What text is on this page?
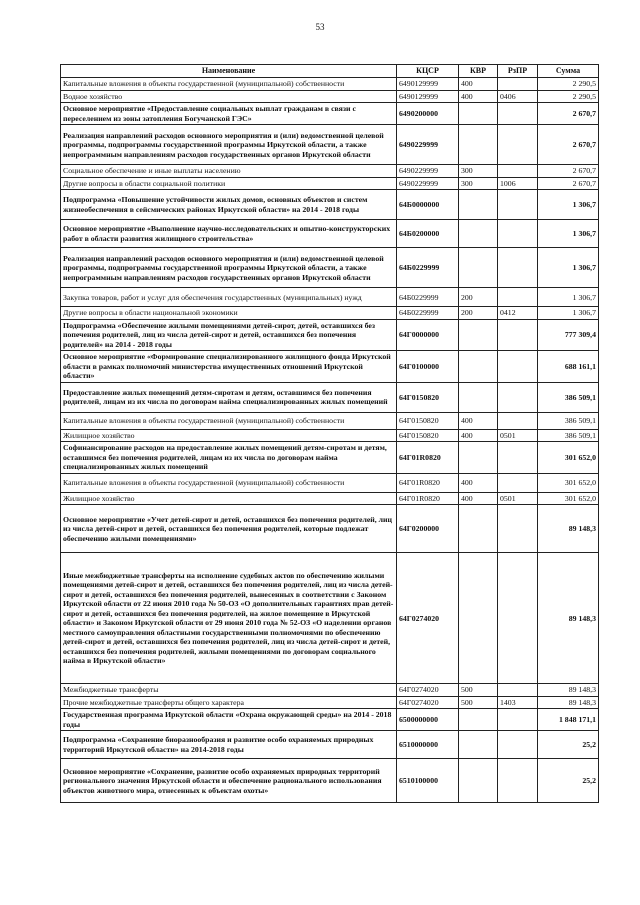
53
Наименование	КЦСР	КВР	РзПР	Сумма
Капитальные вложения в объекты государственной (муниципальной) собственности	6490129999	400		2 290,5
Водное хозяйство	6490129999	400	0406	2 290,5
Основное мероприятие «Предоставление социальных выплат гражданам в связи с переселением из зоны затопления Богучанской ГЭС»	6490200000			2 670,7
Реализация направлений расходов основного мероприятия и (или) ведомственной целевой программы, подпрограммы государственной программы Иркутской области, а также непрограммным направлениям расходов государственных органов Иркутской области	6490229999			2 670,7
Социальное обеспечение и иные выплаты населению	6490229999	300		2 670,7
Другие вопросы в области социальной политики	6490229999	300	1006	2 670,7
Подпрограмма «Повышение устойчивости жилых домов, основных объектов и систем жизнеобеспечения в сейсмических районах Иркутской области» на 2014 - 2018 годы	64Б0000000			1 306,7
Основное мероприятие «Выполнение научно-исследовательских и опытно-конструкторских работ в области развития жилищного строительства»	64Б0200000			1 306,7
Реализация направлений расходов основного мероприятия и (или) ведомственной целевой программы, подпрограммы государственной программы Иркутской области, а также непрограммным направлениям расходов государственных органов Иркутской области	64Б0229999			1 306,7
Закупка товаров, работ и услуг для обеспечения государственных (муниципальных) нужд	64Б0229999	200		1 306,7
Другие вопросы в области национальной экономики	64Б0229999	200	0412	1 306,7
Подпрограмма «Обеспечение жилыми помещениями детей-сирот, детей, оставшихся без попечения родителей, лиц из числа детей-сирот и детей, оставшихся без попечения родителей» на 2014 - 2018 годы	64Г0000000			777 309,4
Основное мероприятие «Формирование специализированного жилищного фонда Иркутской области в рамках полномочий министерства имущественных отношений Иркутской области»	64Г0100000			688 161,1
Предоставление жилых помещений детям-сиротам и детям, оставшимся без попечения родителей, лицам из их числа по договорам найма специализированных жилых помещений	64Г0150820			386 509,1
Капитальные вложения в объекты государственной (муниципальной) собственности	64Г0150820	400		386 509,1
Жилищное хозяйство	64Г0150820	400	0501	386 509,1
Софинансирование расходов на предоставление жилых помещений детям-сиротам и детям, оставшимся без попечения родителей, лицам из их числа по договорам найма специализированных жилых помещений	64Г01R0820			301 652,0
Капитальные вложения в объекты государственной (муниципальной) собственности	64Г01R0820	400		301 652,0
Жилищное хозяйство	64Г01R0820	400	0501	301 652,0
Основное мероприятие «Учет детей-сирот и детей, оставшихся без попечения родителей, лиц из числа детей-сирот и детей, оставшихся без попечения родителей, которые подлежат обеспечению жилыми помещениями»	64Г0200000			89 148,3
Иные межбюджетные трансферты на исполнение судебных актов по обеспечению жилыми помещениями детей-сирот и детей, оставшихся без попечения родителей, лиц из числа детей-сирот и детей, оставшихся без попечения родителей, вынесенных в соответствии с Законом Иркутской области от 22 июня 2010 года № 50-ОЗ «О дополнительных гарантиях прав детей-сирот и детей, оставшихся без попечения родителей, на жилое помещение в Иркутской области» и Законом Иркутской области от 29 июня 2010 года № 52-ОЗ «О наделении органов местного самоуправления областными государственными полномочиями по обеспечению детей-сирот и детей, оставшихся без попечения родителей, лиц из числа детей-сирот и детей, оставшихся без попечения родителей, жилыми помещениями по договорам социального найма в Иркутской области»	64Г0274020			89 148,3
Межбюджетные трансферты	64Г0274020	500		89 148,3
Прочие межбюджетные трансферты общего характера	64Г0274020	500	1403	89 148,3
Государственная программа Иркутской области «Охрана окружающей среды» на 2014 - 2018 годы	6500000000			1 848 171,1
Подпрограмма «Сохранение биоразнообразия и развитие особо охраняемых природных территорий Иркутской области» на 2014-2018 годы	6510000000			25,2
Основное мероприятие «Сохранение, развитие особо охраняемых природных территорий регионального значения Иркутской области и обеспечение рационального использования объектов животного мира, отнесенных к объектам охоты»	6510100000			25,2
